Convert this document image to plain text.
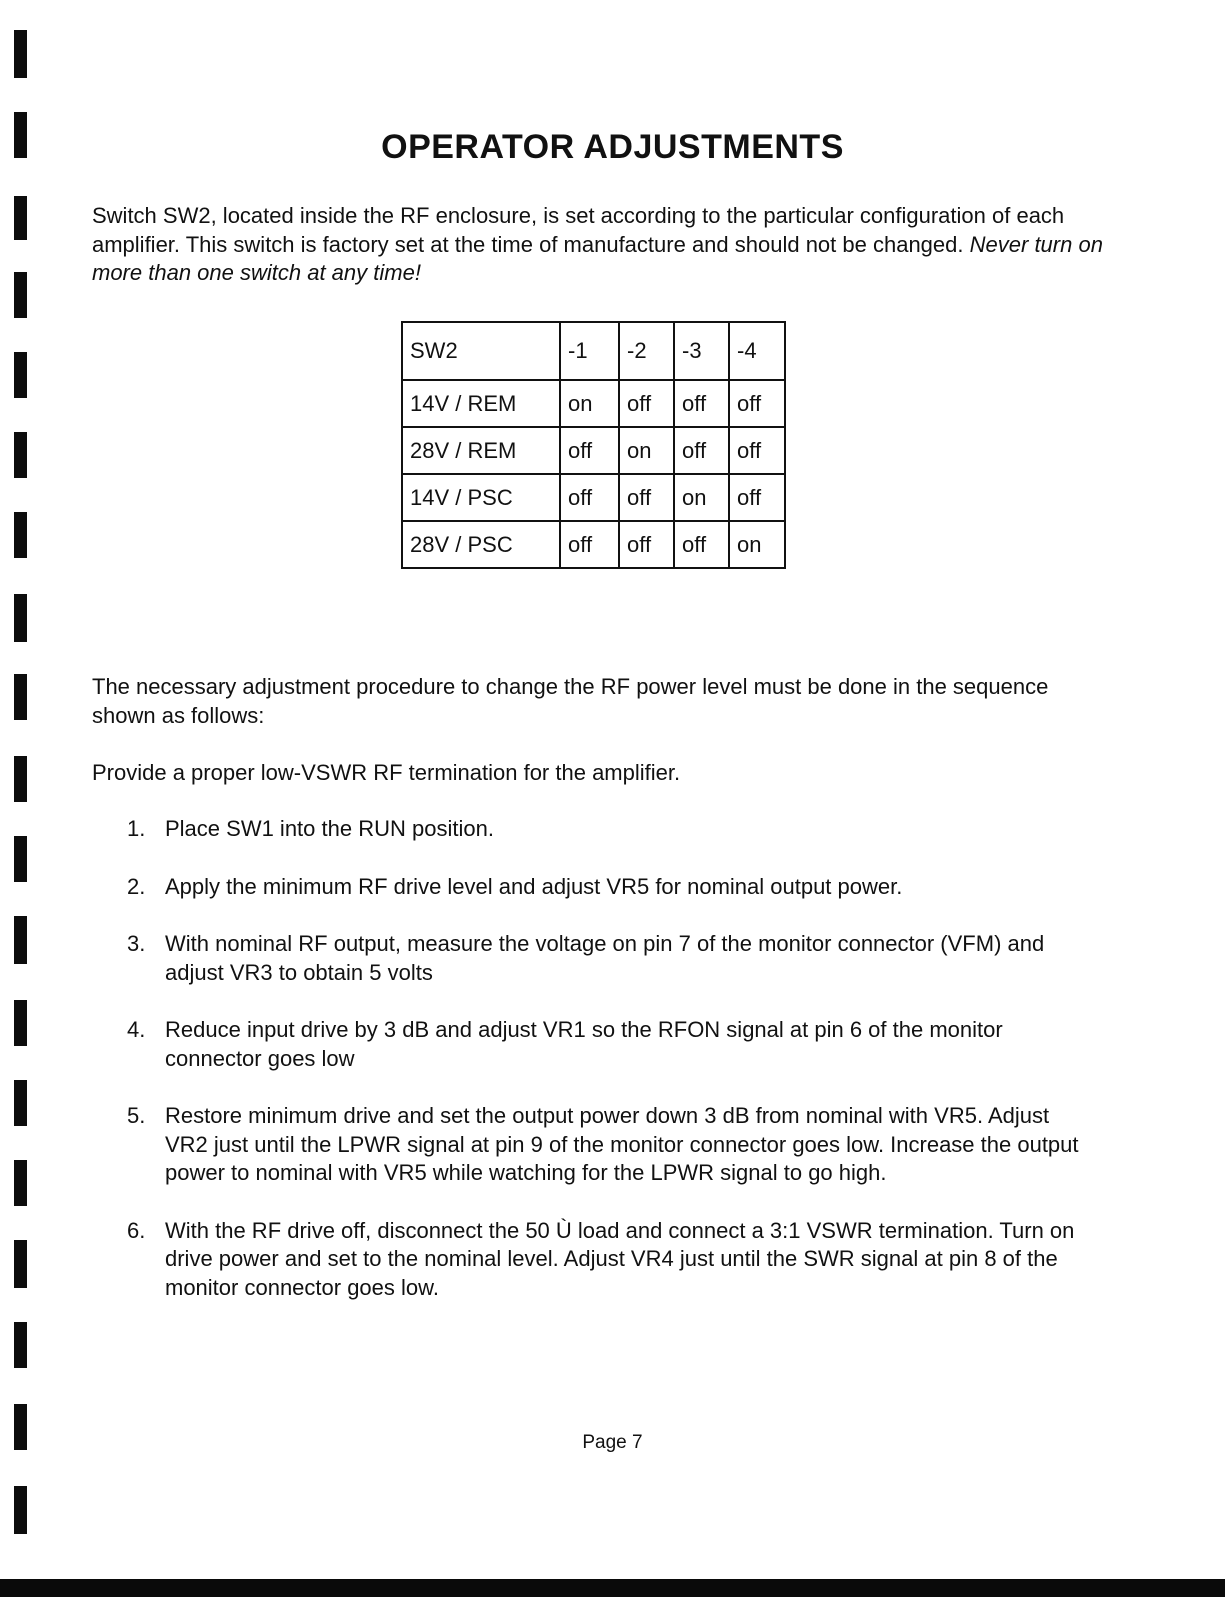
OPERATOR ADJUSTMENTS

Switch SW2, located inside the RF enclosure, is set according to the particular configuration of each amplifier. This switch is factory set at the time of manufacture and should not be changed. Never turn on more than one switch at any time!

SW2	-1	-2	-3	-4
14V / REM	on	off	off	off
28V / REM	off	on	off	off
14V / PSC	off	off	on	off
28V / PSC	off	off	off	on

The necessary adjustment procedure to change the RF power level must be done in the sequence shown as follows:

Provide a proper low-VSWR RF termination for the amplifier.

1. Place SW1 into the RUN position.
2. Apply the minimum RF drive level and adjust VR5 for nominal output power.
3. With nominal RF output, measure the voltage on pin 7 of the monitor connector (VFM) and adjust VR3 to obtain 5 volts
4. Reduce input drive by 3 dB and adjust VR1 so the RFON signal at pin 6 of the monitor connector goes low
5. Restore minimum drive and set the output power down 3 dB from nominal with VR5. Adjust VR2 just until the LPWR signal at pin 9 of the monitor connector goes low. Increase the output power to nominal with VR5 while watching for the LPWR signal to go high.
6. With the RF drive off, disconnect the 50 Ù load and connect a 3:1 VSWR termination. Turn on drive power and set to the nominal level. Adjust VR4 just until the SWR signal at pin 8 of the monitor connector goes low.
Page 7
